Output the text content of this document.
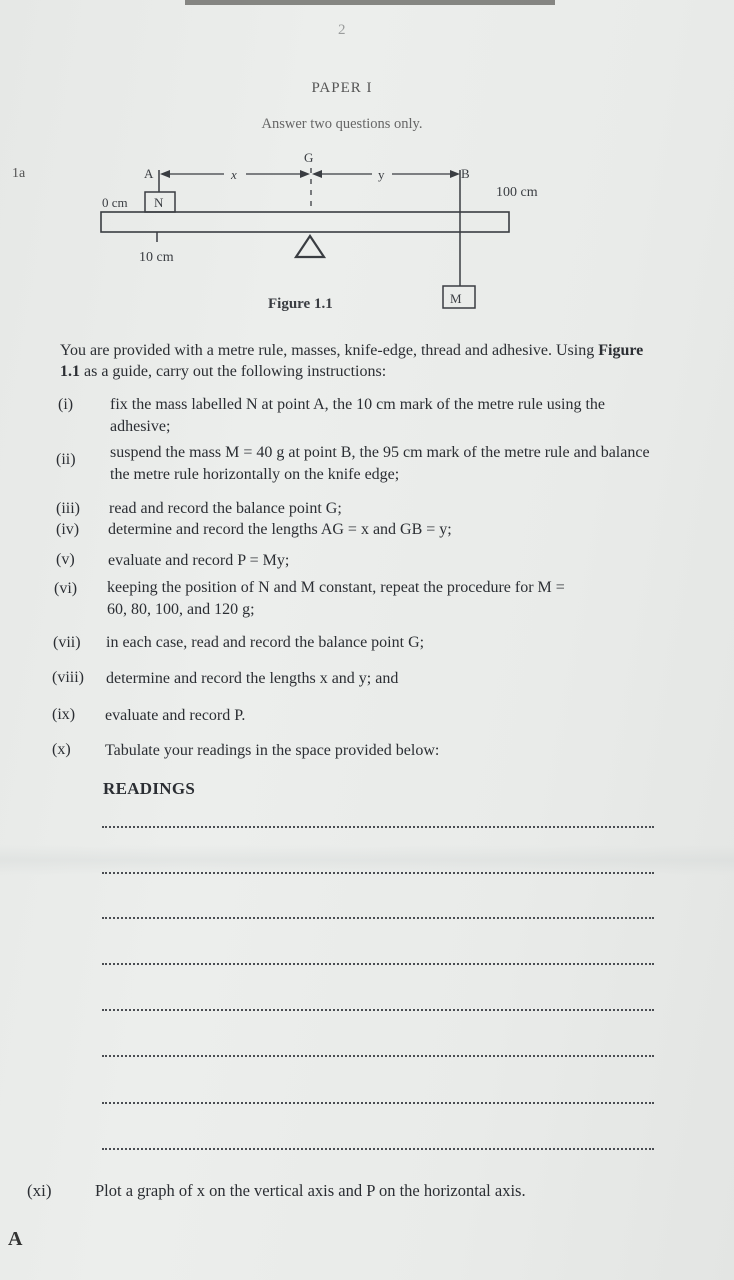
2
PAPER I
Answer two questions only.
1a	A
N
x
G
y	B
0 cm
100 cm
10 cm
M
Figure 1.1
You are provided with a metre rule, masses, knife-edge, thread and adhesive. Using Figure 1.1 as a guide, carry out the following instructions:
(i) fix the mass labelled N at point A, the 10 cm mark of the metre rule using the adhesive;
(ii) suspend the mass M = 40 g at point B, the 95 cm mark of the metre rule and balance the metre rule horizontally on the knife edge;
(iii) read and record the balance point G;
(iv) determine and record the lengths AG = x and GB = y;
(v) evaluate and record P = My;
(vi) keeping the position of N and M constant, repeat the procedure for M = 60, 80, 100, and 120 g;
(vii) in each case, read and record the balance point G;
(viii) determine and record the lengths x and y; and
(ix) evaluate and record P.
(x) Tabulate your readings in the space provided below:
READINGS
(xi)	Plot a graph of x on the vertical axis and P on the horizontal axis.
A
